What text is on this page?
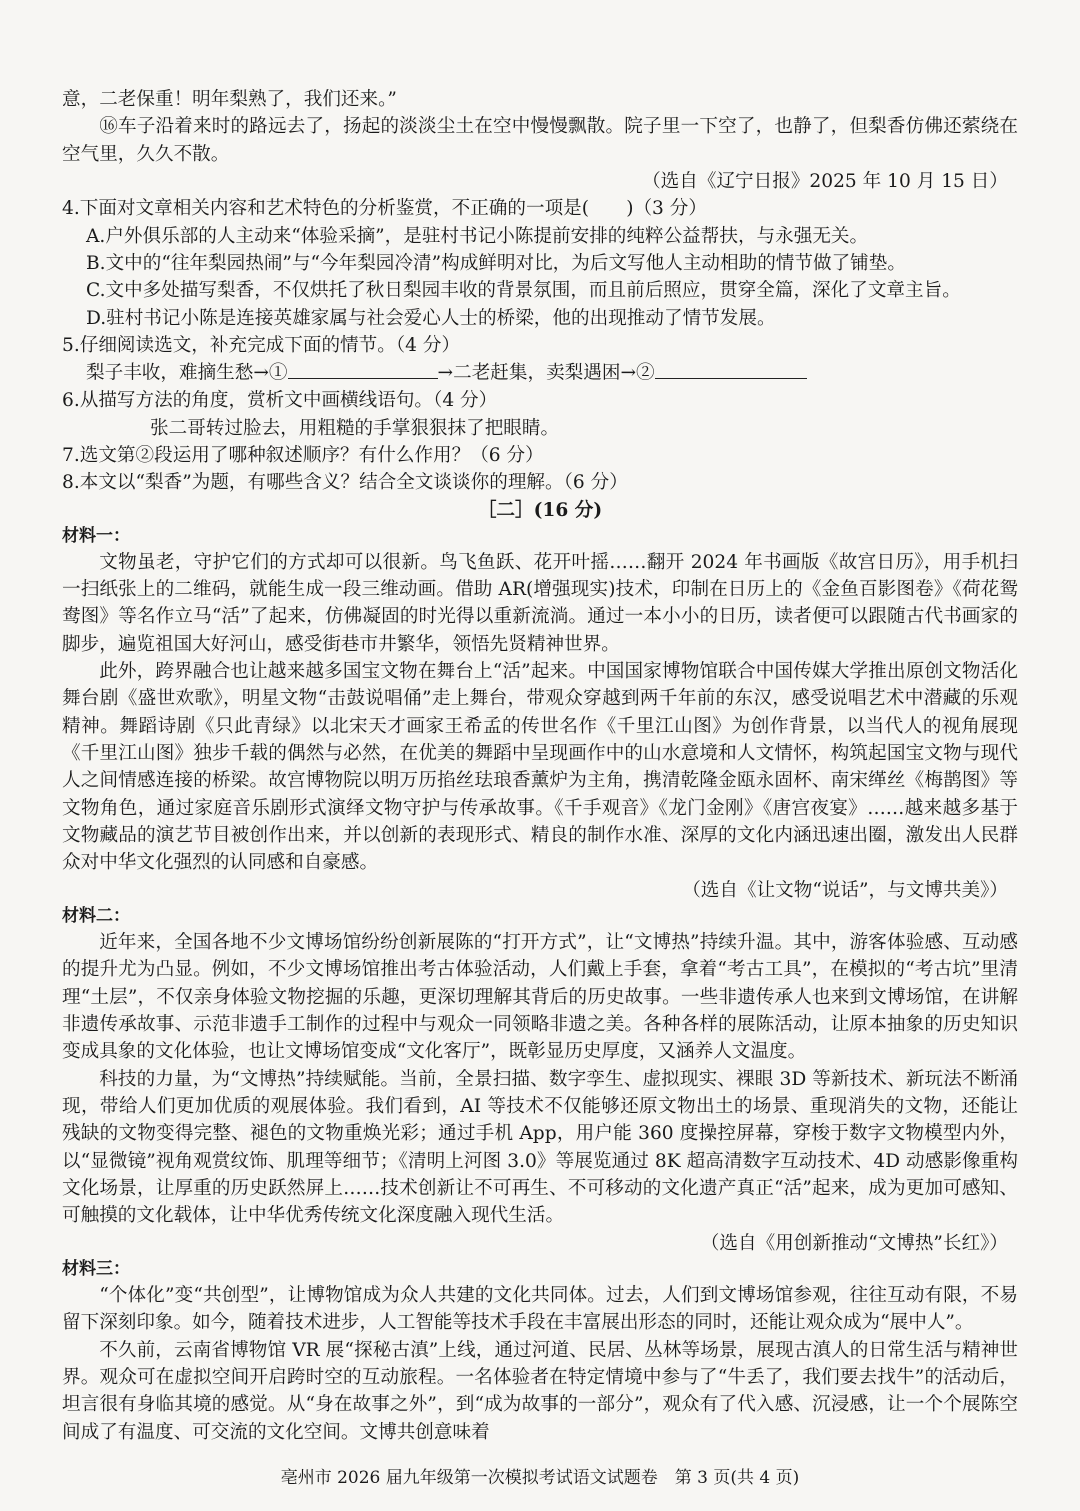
意，二老保重！明年梨熟了，我们还来。”

⑯车子沿着来时的路远去了，扬起的淡淡尘土在空中慢慢飘散。院子里一下空了，也静了，但梨香仿佛还萦绕在空气里，久久不散。

（选自《辽宁日报》2025 年 10 月 15 日）

4.下面对文章相关内容和艺术特色的分析鉴赏，不正确的一项是(　　)（3 分）

A.户外俱乐部的人主动来“体验采摘”，是驻村书记小陈提前安排的纯粹公益帮扶，与永强无关。

B.文中的“往年梨园热闹”与“今年梨园冷清”构成鲜明对比，为后文写他人主动相助的情节做了铺垫。

C.文中多处描写梨香，不仅烘托了秋日梨园丰收的背景氛围，而且前后照应，贯穿全篇，深化了文章主旨。

D.驻村书记小陈是连接英雄家属与社会爱心人士的桥梁，他的出现推动了情节发展。

5.仔细阅读选文，补充完成下面的情节。（4 分）

梨子丰收，难摘生愁→①	→二老赶集，卖梨遇困→②

6.从描写方法的角度，赏析文中画横线语句。（4 分）

张二哥转过脸去，用粗糙的手掌狠狠抹了把眼睛。

7.选文第②段运用了哪种叙述顺序？有什么作用？（6 分）

8.本文以“梨香”为题，有哪些含义？结合全文谈谈你的理解。（6 分）

［二］(16 分)

材料一：

文物虽老，守护它们的方式却可以很新。鸟飞鱼跃、花开叶摇……翻开 2024 年书画版《故宫日历》，用手机扫一扫纸张上的二维码，就能生成一段三维动画。借助 AR(增强现实)技术，印制在日历上的《金鱼百影图卷》《荷花鸳鸯图》等名作立马“活”了起来，仿佛凝固的时光得以重新流淌。通过一本小小的日历，读者便可以跟随古代书画家的脚步，遍览祖国大好河山，感受街巷市井繁华，领悟先贤精神世界。

此外，跨界融合也让越来越多国宝文物在舞台上“活”起来。中国国家博物馆联合中国传媒大学推出原创文物活化舞台剧《盛世欢歌》，明星文物“击鼓说唱俑”走上舞台，带观众穿越到两千年前的东汉，感受说唱艺术中潜藏的乐观精神。舞蹈诗剧《只此青绿》以北宋天才画家王希孟的传世名作《千里江山图》为创作背景，以当代人的视角展现《千里江山图》独步千载的偶然与必然，在优美的舞蹈中呈现画作中的山水意境和人文情怀，构筑起国宝文物与现代人之间情感连接的桥梁。故宫博物院以明万历掐丝珐琅香薰炉为主角，携清乾隆金瓯永固杯、南宋缂丝《梅鹊图》等文物角色，通过家庭音乐剧形式演绎文物守护与传承故事。《千手观音》《龙门金刚》《唐宫夜宴》……越来越多基于文物藏品的演艺节目被创作出来，并以创新的表现形式、精良的制作水准、深厚的文化内涵迅速出圈，激发出人民群众对中华文化强烈的认同感和自豪感。

（选自《让文物“说话”，与文博共美》）

材料二：

近年来，全国各地不少文博场馆纷纷创新展陈的“打开方式”，让“文博热”持续升温。其中，游客体验感、互动感的提升尤为凸显。例如，不少文博场馆推出考古体验活动，人们戴上手套，拿着“考古工具”，在模拟的“考古坑”里清理“土层”，不仅亲身体验文物挖掘的乐趣，更深切理解其背后的历史故事。一些非遗传承人也来到文博场馆，在讲解非遗传承故事、示范非遗手工制作的过程中与观众一同领略非遗之美。各种各样的展陈活动，让原本抽象的历史知识变成具象的文化体验，也让文博场馆变成“文化客厅”，既彰显历史厚度，又涵养人文温度。

科技的力量，为“文博热”持续赋能。当前，全景扫描、数字孪生、虚拟现实、裸眼 3D 等新技术、新玩法不断涌现，带给人们更加优质的观展体验。我们看到，AI 等技术不仅能够还原文物出土的场景、重现消失的文物，还能让残缺的文物变得完整、褪色的文物重焕光彩；通过手机 App，用户能 360 度操控屏幕，穿梭于数字文物模型内外，以“显微镜”视角观赏纹饰、肌理等细节；《清明上河图 3.0》等展览通过 8K 超高清数字互动技术、4D 动感影像重构文化场景，让厚重的历史跃然屏上……技术创新让不可再生、不可移动的文化遗产真正“活”起来，成为更加可感知、可触摸的文化载体，让中华优秀传统文化深度融入现代生活。

（选自《用创新推动“文博热”长红》）

材料三：

“个体化”变“共创型”，让博物馆成为众人共建的文化共同体。过去，人们到文博场馆参观，往往互动有限，不易留下深刻印象。如今，随着技术进步，人工智能等技术手段在丰富展出形态的同时，还能让观众成为“展中人”。

不久前，云南省博物馆 VR 展“探秘古滇”上线，通过河道、民居、丛林等场景，展现古滇人的日常生活与精神世界。观众可在虚拟空间开启跨时空的互动旅程。一名体验者在特定情境中参与了“牛丢了，我们要去找牛”的活动后，坦言很有身临其境的感觉。从“身在故事之外”，到“成为故事的一部分”，观众有了代入感、沉浸感，让一个个展陈空间成了有温度、可交流的文化空间。文博共创意味着

亳州市 2026 届九年级第一次模拟考试语文试题卷　第 3 页(共 4 页)
